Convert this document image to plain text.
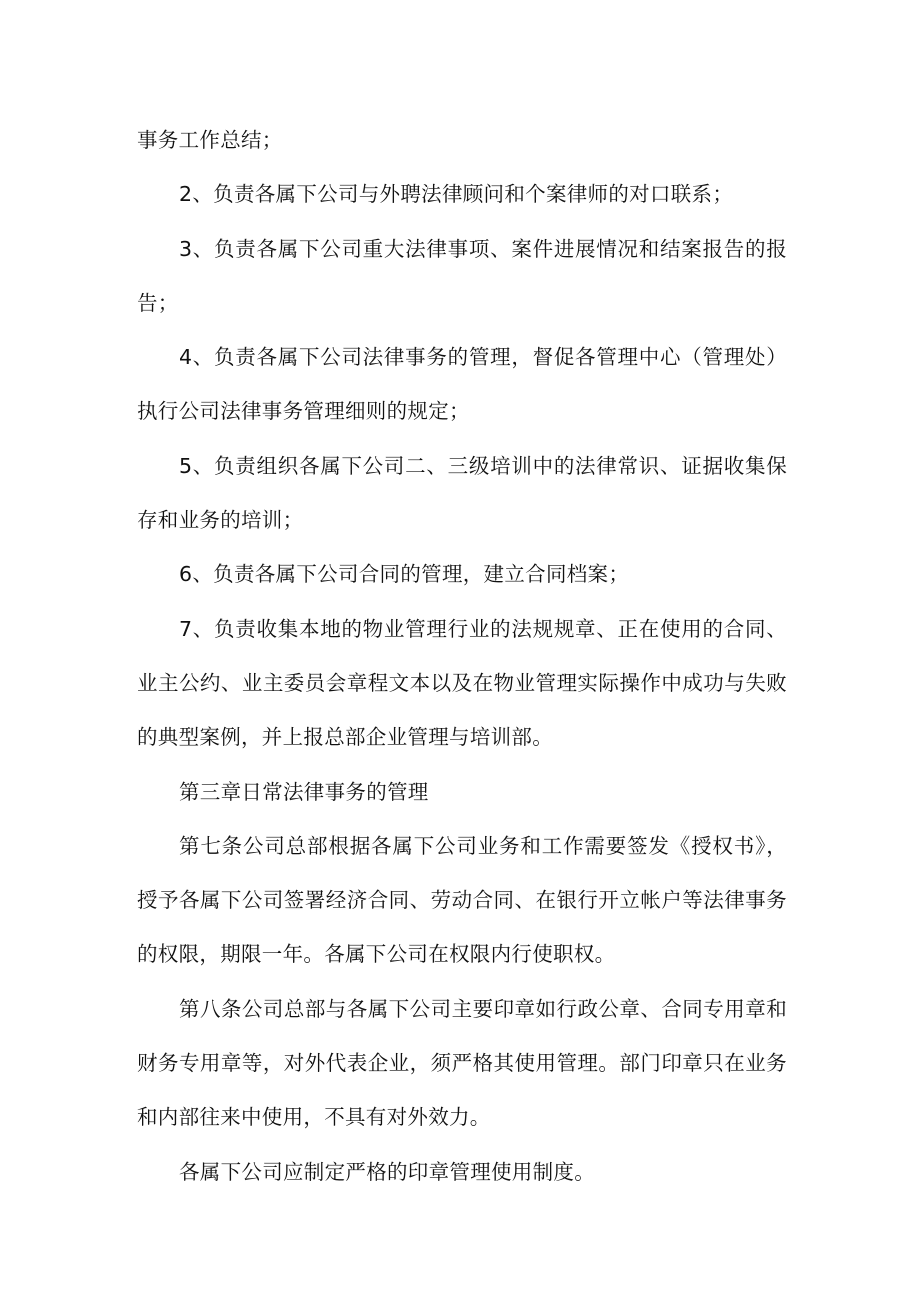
事务工作总结；

2、负责各属下公司与外聘法律顾问和个案律师的对口联系；

3、负责各属下公司重大法律事项、案件进展情况和结案报告的报告；

4、负责各属下公司法律事务的管理，督促各管理中心（管理处）执行公司法律事务管理细则的规定；

5、负责组织各属下公司二、三级培训中的法律常识、证据收集保存和业务的培训；

6、负责各属下公司合同的管理，建立合同档案；

7、负责收集本地的物业管理行业的法规规章、正在使用的合同、业主公约、业主委员会章程文本以及在物业管理实际操作中成功与失败的典型案例，并上报总部企业管理与培训部。

第三章日常法律事务的管理

第七条公司总部根据各属下公司业务和工作需要签发《授权书》，授予各属下公司签署经济合同、劳动合同、在银行开立帐户等法律事务的权限，期限一年。各属下公司在权限内行使职权。

第八条公司总部与各属下公司主要印章如行政公章、合同专用章和财务专用章等，对外代表企业，须严格其使用管理。部门印章只在业务和内部往来中使用，不具有对外效力。

各属下公司应制定严格的印章管理使用制度。
